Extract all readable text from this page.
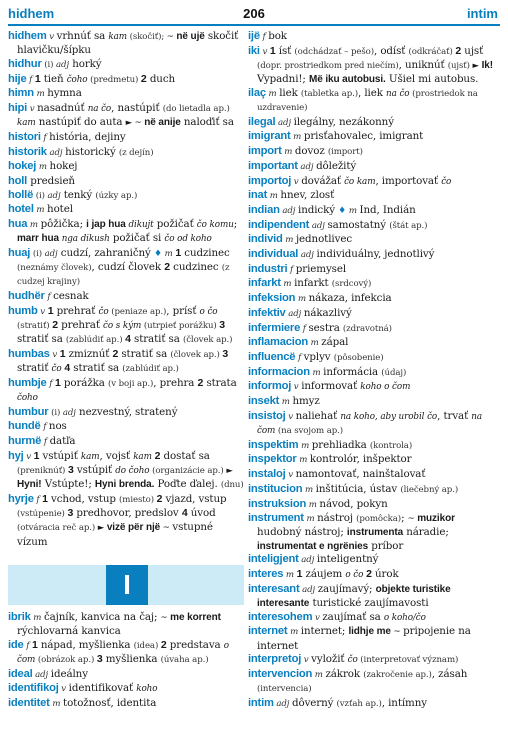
hidhem	206	intim
hidhem v vrhnúť sa kam (skočiť); ~ në ujë skočiť hlavičku/šípku
hidhur (i) adj horký
hije f 1 tieň čoho (predmetu) 2 duch
himn m hymna
hipi v nasadnúť na čo, nastúpiť (do lietadla ap.) kam nastúpiť do auta ► ~ në anije naloďiť sa
histori f história, dejiny
historik adj historický (z dejín)
hokej m hokej
holl predsieň
hollë (i) adj tenký (úzky ap.)
hotel m hotel
hua m pôžička; i jap hua dikujt požičať čo komu; marr hua nga dikush požičať si čo od koho
huaj (i) adj cudzí, zahraničný ♦ m 1 cudzinec (neznámy človek), cudzí človek 2 cudzinec (z cudzej krajiny)
hudhër f cesnak
humb v 1 prehrať čo (peniaze ap.), prísť o čo (stratiť) 2 prehrať čo s kým (utrpieť porážku) 3 stratiť sa (zablúdiť ap.) 4 stratiť sa (človek ap.)
humbas v 1 zmiznúť 2 stratiť sa (človek ap.) 3 stratiť čo 4 stratiť sa (zablúdiť ap.)
humbje f 1 porážka (v boji ap.), prehra 2 strata čoho
humbur (i) adj nezvestný, stratený
hundë f nos
hurmë f datľa
hyj v 1 vstúpiť kam, vojsť kam 2 dostať sa (preniknúť) 3 vstúpiť do čoho (organizácie ap.) ► Hyni! Vstúpte!; Hyni brenda. Poďte ďalej. (dnu)
hyrje f 1 vchod, vstup (miesto) 2 vjazd, vstup (vstúpenie) 3 predhovor, predslov 4 úvod (otváracia reč ap.) ► vizë për një ~ vstupné vízum
I
ibrik m čajník, kanvica na čaj; ~ me korrent rýchlovarná kanvica
ide f 1 nápad, myšlienka (idea) 2 predstava o čom (obrázok ap.) 3 myšlienka (úvaha ap.)
ideal adj ideálny
identifikoj v identifikovať koho
identitet m totožnosť, identita
ijë f bok
iki v 1 ísť (odchádzať – pešo), odísť (odkráčať) 2 ujsť (dopr. prostriedkom pred niečím), uniknúť (ujsť) ► Ik! Vypadni!; Më iku autobusi. Ušiel mi autobus.
ilaç m liek (tabletka ap.), liek na čo (prostriedok na uzdravenie)
ilegal adj ilegálny, nezákonný
imigrant m prisťahovalec, imigrant
import m dovoz (import)
important adj dôležitý
importoj v dovážať čo kam, importovať čo
inat m hnev, zlosť
indian adj indický ♦ m Ind, Indián
indipendent adj samostatný (štát ap.)
individ m jednotlivec
individual adj individuálny, jednotlivý
industri f priemysel
infarkt m infarkt (srdcový)
infeksion m nákaza, infekcia
infektiv adj nákazlivý
infermiere f sestra (zdravotná)
inflamacion m zápal
influencë f vplyv (pôsobenie)
informacion m informácia (údaj)
informoj v informovať koho o čom
insekt m hmyz
insistoj v naliehať na koho, aby urobil čo, trvať na čom (na svojom ap.)
inspektim m prehliadka (kontrola)
inspektor m kontrolór, inšpektor
instaloj v namontovať, nainštalovať
institucion m inštitúcia, ústav (liečebný ap.)
instruksion m návod, pokyn
instrument m nástroj (pomôcka); ~ muzikor hudobný nástroj; instrumenta náradie; instrumentat e ngrënies príbor
inteligjent adj inteligentný
interes m 1 záujem o čo 2 úrok
interesant adj zaujímavý; objekte turistike interesante turistické zaujímavosti
interesohem v zaujímať sa o koho/čo
internet m internet; lidhje me ~ pripojenie na internet
interpretoj v vyložiť čo (interpretovať význam)
intervencion m zákrok (zakročenie ap.), zásah (intervencia)
intim adj dôverný (vzťah ap.), intímny
